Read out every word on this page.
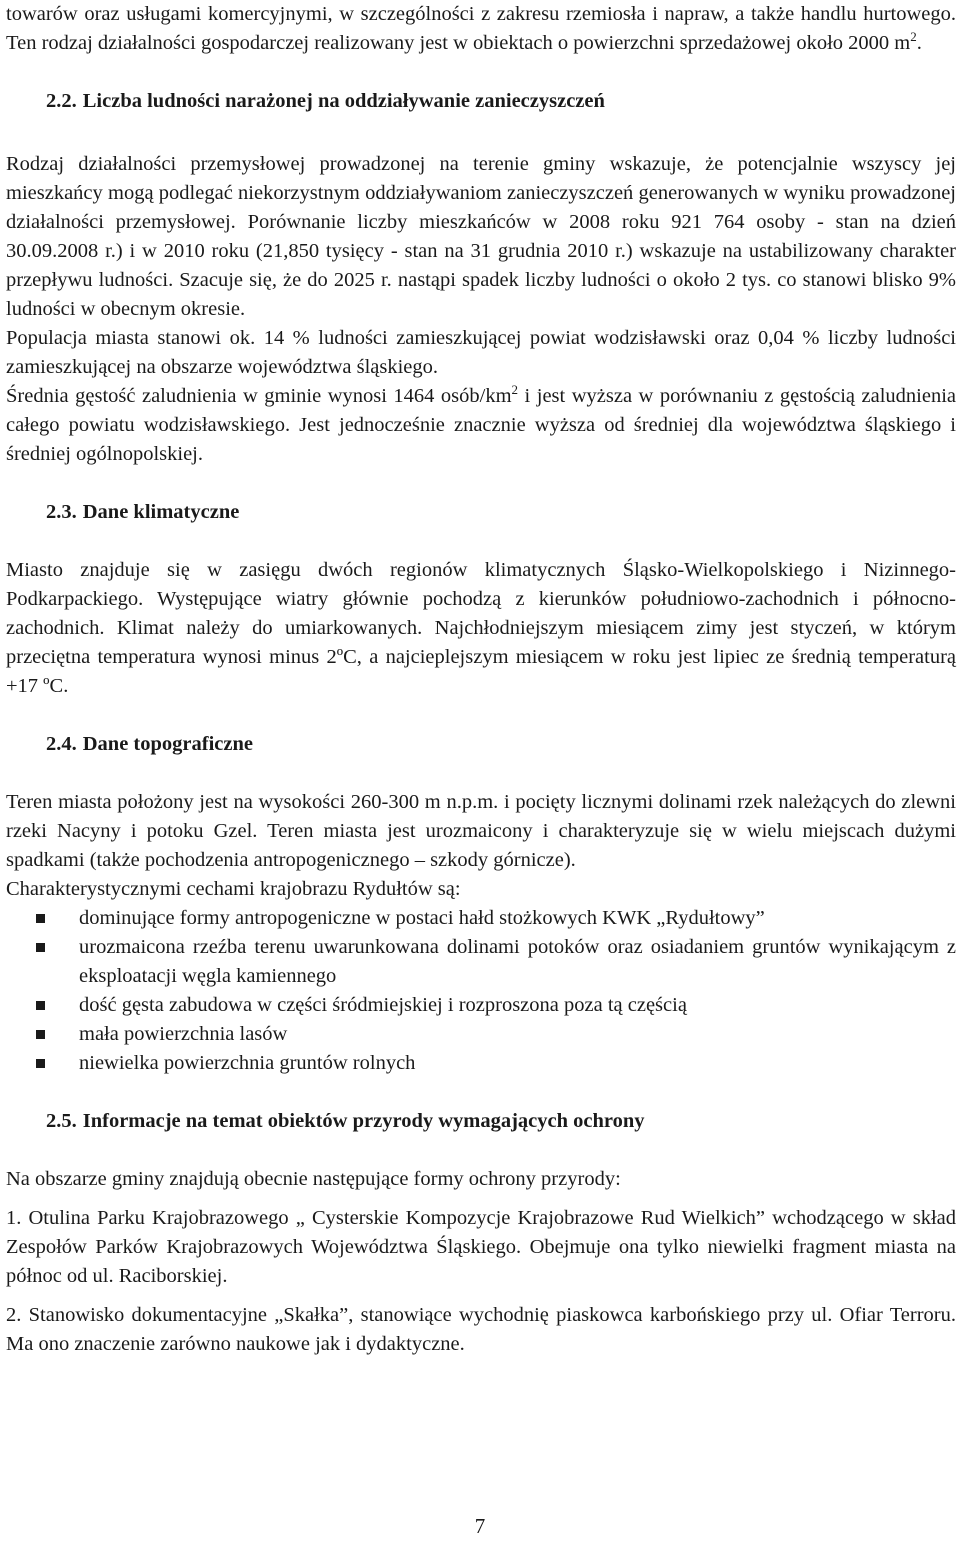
towarów oraz usługami komercyjnymi, w szczególności z zakresu rzemiosła i napraw, a także handlu hurtowego. Ten rodzaj działalności gospodarczej realizowany jest w obiektach o powierzchni sprzedażowej około 2000 $m^2$.

2.2. Liczba ludności narażonej na oddziaływanie zanieczyszczeń

Rodzaj działalności przemysłowej prowadzonej na terenie gminy wskazuje, że potencjalnie wszyscy jej mieszkańcy mogą podlegać niekorzystnym oddziaływaniom zanieczyszczeń generowanych w wyniku prowadzonej działalności przemysłowej. Porównanie liczby mieszkańców w 2008 roku 921 764 osoby - stan na dzień 30.09.2008 r.) i w 2010 roku (21,850 tysięcy - stan na 31 grudnia 2010 r.) wskazuje na ustabilizowany charakter przepływu ludności. Szacuje się, że do 2025 r. nastąpi spadek liczby ludności o około 2 tys. co stanowi blisko 9% ludności w obecnym okresie.

Populacja miasta stanowi ok. 14 % ludności zamieszkującej powiat wodzisławski oraz 0,04 % liczby ludności zamieszkującej na obszarze województwa śląskiego.

Średnia gęstość zaludnienia w gminie wynosi 1464 osób/$km^2$ i jest wyższa w porównaniu z gęstością zaludnienia całego powiatu wodzisławskiego. Jest jednocześnie znacznie wyższa od średniej dla województwa śląskiego i średniej ogólnopolskiej.

2.3. Dane klimatyczne

Miasto znajduje się w zasięgu dwóch regionów klimatycznych Śląsko-Wielkopolskiego i Nizinnego-Podkarpackiego. Występujące wiatry głównie pochodzą z kierunków południowo-zachodnich i północno-zachodnich. Klimat należy do umiarkowanych. Najchłodniejszym miesiącem zimy jest styczeń, w którym przeciętna temperatura wynosi minus 2ºC, a najcieplejszym miesiącem w roku jest lipiec ze średnią temperaturą +17 ºC.

2.4. Dane topograficzne

Teren miasta położony jest na wysokości 260-300 m n.p.m. i pocięty licznymi dolinami rzek należących do zlewni rzeki Nacyny i potoku Gzel. Teren miasta jest urozmaicony i charakteryzuje się w wielu miejscach dużymi spadkami (także pochodzenia antropogenicznego – szkody górnicze).

Charakterystycznymi cechami krajobrazu Rydułtów są:

dominujące formy antropogeniczne w postaci hałd stożkowych KWK „Rydułtowy”
urozmaicona rzeźba terenu uwarunkowana dolinami potoków oraz osiadaniem gruntów wynikającym z eksploatacji węgla kamiennego
dość gęsta zabudowa w części śródmiejskiej i rozproszona poza tą częścią
mała powierzchnia lasów
niewielka powierzchnia gruntów rolnych

2.5. Informacje na temat obiektów przyrody wymagających ochrony

Na obszarze gminy znajdują obecnie następujące formy ochrony przyrody:

1. Otulina Parku Krajobrazowego „ Cysterskie Kompozycje Krajobrazowe Rud Wielkich” wchodzącego w skład Zespołów Parków Krajobrazowych Województwa Śląskiego. Obejmuje ona tylko niewielki fragment miasta na północ od ul. Raciborskiej.

2. Stanowisko dokumentacyjne „Skałka”, stanowiące wychodnię piaskowca karbońskiego przy ul. Ofiar Terroru. Ma ono znaczenie zarówno naukowe jak i dydaktyczne.

7
